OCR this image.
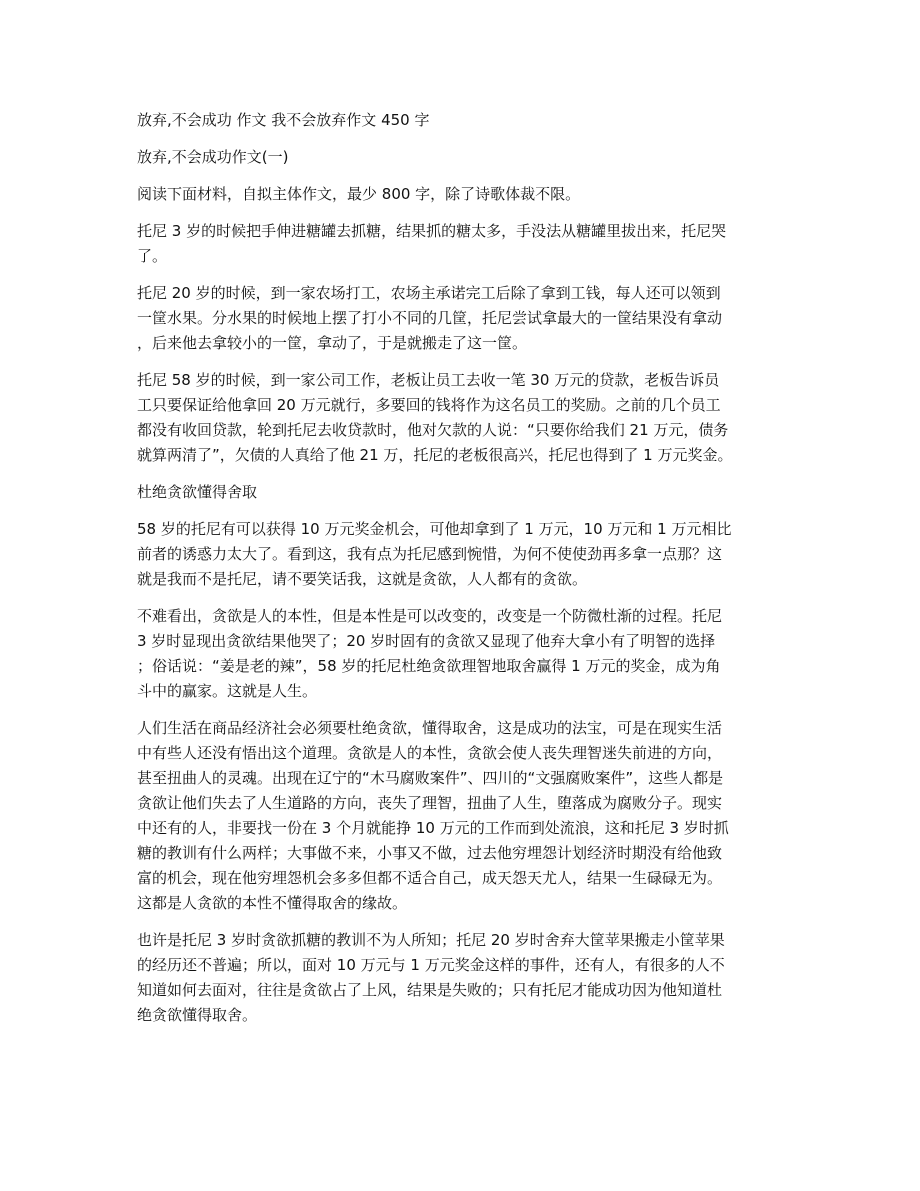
放弃,不会成功 作文 我不会放弃作文 450 字
放弃,不会成功作文(一)
阅读下面材料，自拟主体作文，最少 800 字，除了诗歌体裁不限。
托尼 3 岁的时候把手伸进糖罐去抓糖，结果抓的糖太多，手没法从糖罐里拔出来，托尼哭
了。
托尼 20 岁的时候，到一家农场打工，农场主承诺完工后除了拿到工钱，每人还可以领到
一筐水果。分水果的时候地上摆了打小不同的几筐，托尼尝试拿最大的一筐结果没有拿动
，后来他去拿较小的一筐，拿动了，于是就搬走了这一筐。
托尼 58 岁的时候，到一家公司工作，老板让员工去收一笔 30 万元的贷款，老板告诉员
工只要保证给他拿回 20 万元就行，多要回的钱将作为这名员工的奖励。之前的几个员工
都没有收回贷款，轮到托尼去收贷款时，他对欠款的人说：“只要你给我们 21 万元，债务
就算两清了”，欠债的人真给了他 21 万，托尼的老板很高兴，托尼也得到了 1 万元奖金。
杜绝贪欲懂得舍取
58 岁的托尼有可以获得 10 万元奖金机会，可他却拿到了 1 万元，10 万元和 1 万元相比
前者的诱惑力太大了。看到这，我有点为托尼感到惋惜，为何不使使劲再多拿一点那？这
就是我而不是托尼，请不要笑话我，这就是贪欲，人人都有的贪欲。
不难看出，贪欲是人的本性，但是本性是可以改变的，改变是一个防微杜渐的过程。托尼
3 岁时显现出贪欲结果他哭了；20 岁时固有的贪欲又显现了他弃大拿小有了明智的选择
；俗话说：“姜是老的辣”，58 岁的托尼杜绝贪欲理智地取舍赢得 1 万元的奖金，成为角
斗中的赢家。这就是人生。
人们生活在商品经济社会必须要杜绝贪欲，懂得取舍，这是成功的法宝，可是在现实生活
中有些人还没有悟出这个道理。贪欲是人的本性，贪欲会使人丧失理智迷失前进的方向，
甚至扭曲人的灵魂。出现在辽宁的“木马腐败案件”、四川的“文强腐败案件”，这些人都是
贪欲让他们失去了人生道路的方向，丧失了理智，扭曲了人生，堕落成为腐败分子。现实
中还有的人，非要找一份在 3 个月就能挣 10 万元的工作而到处流浪，这和托尼 3 岁时抓
糖的教训有什么两样；大事做不来，小事又不做，过去他穷埋怨计划经济时期没有给他致
富的机会，现在他穷埋怨机会多多但都不适合自己，成天怨天尤人，结果一生碌碌无为。
这都是人贪欲的本性不懂得取舍的缘故。
也许是托尼 3 岁时贪欲抓糖的教训不为人所知；托尼 20 岁时舍弃大筐苹果搬走小筐苹果
的经历还不普遍；所以，面对 10 万元与 1 万元奖金这样的事件，还有人，有很多的人不
知道如何去面对，往往是贪欲占了上风，结果是失败的；只有托尼才能成功因为他知道杜
绝贪欲懂得取舍。
